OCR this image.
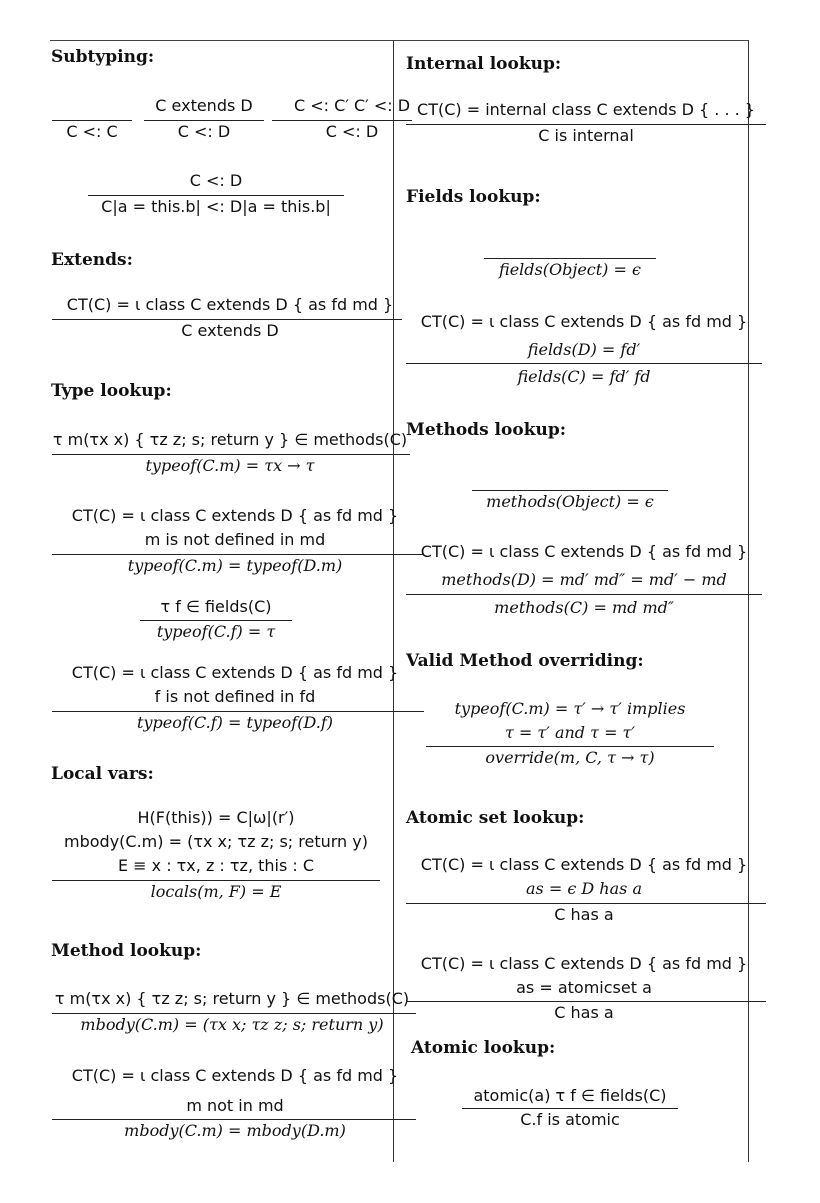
Subtyping:
C <: C
C extends D
C <: D
C <: C′ C′ <: D
C <: D
C <: D
C|a = this.b| <: D|a = this.b|
Extends:
CT(C) = ι class C extends D { as fd md }
C extends D
Type lookup:
τ m(τx x) { τz z; s; return y } ∈ methods(C)
typeof(C.m) = τx → τ
CT(C) = ι class C extends D { as fd md }
m is not defined in md
typeof(C.m) = typeof(D.m)
τ f ∈ fields(C)
typeof(C.f) = τ
CT(C) = ι class C extends D { as fd md }
f is not defined in fd
typeof(C.f) = typeof(D.f)
Local vars:
H(F(this)) = C|ω|(r′)
mbody(C.m) = (τx x; τz z; s; return y)
E ≡ x : τx, z : τz, this : C
locals(m, F) = E
Method lookup:
τ m(τx x) { τz z; s; return y } ∈ methods(C)
mbody(C.m) = (τx x; τz z; s; return y)
CT(C) = ι class C extends D { as fd md }
m not in md
mbody(C.m) = mbody(D.m)
Internal lookup:
CT(C) = internal class C extends D { . . . }
C is internal
Fields lookup:
fields(Object) = ϵ
CT(C) = ι class C extends D { as fd md }
fields(D) = fd′
fields(C) = fd′ fd
Methods lookup:
methods(Object) = ϵ
CT(C) = ι class C extends D { as fd md }
methods(D) = md′ md″ = md′ − md
methods(C) = md md″
Valid Method overriding:
typeof(C.m) = τ′ → τ′ implies
τ = τ′ and τ = τ′
override(m, C, τ → τ)
Atomic set lookup:
CT(C) = ι class C extends D { as fd md }
as = ϵ D has a
C has a
CT(C) = ι class C extends D { as fd md }
as = atomicset a
C has a
Atomic lookup:
atomic(a) τ f ∈ fields(C)
C.f is atomic
